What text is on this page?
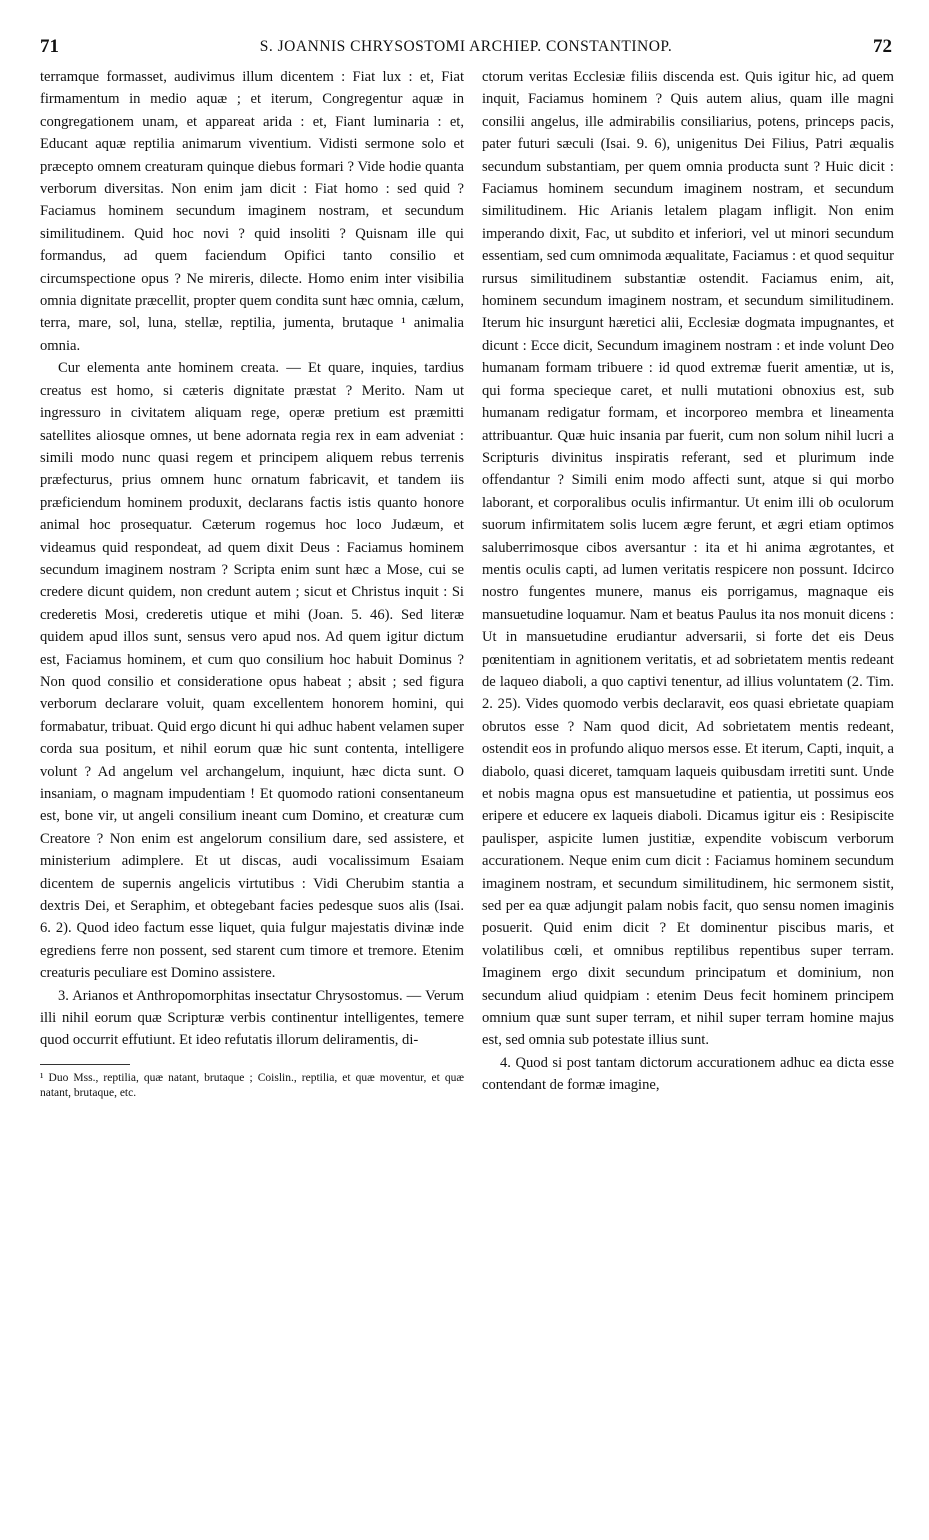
71	S. JOANNIS CHRYSOSTOMI ARCHIEP. CONSTANTINOP.	72

terramque formasset, audivimus illum dicentem : Fiat lux : et, Fiat firmamentum in medio aquæ ; et iterum, Congregentur aquæ in congregationem unam, et appareat arida : et, Fiant luminaria : et, Educant aquæ reptilia animarum viventium. Vidisti sermone solo et præcepto omnem creaturam quinque diebus formari ? Vide hodie quanta verborum diversitas. Non enim jam dicit : Fiat homo : sed quid ? Faciamus hominem secundum imaginem nostram, et secundum similitudinem. Quid hoc novi ? quid insoliti ? Quisnam ille qui formandus, ad quem faciendum Opifici tanto consilio et circumspectione opus ? Ne mireris, dilecte. Homo enim inter visibilia omnia dignitate præcellit, propter quem condita sunt hæc omnia, cælum, terra, mare, sol, luna, stellæ, reptilia, jumenta, brutaque ¹ animalia omnia.

Cur elementa ante hominem creata. — Et quare, inquies, tardius creatus est homo, si cæteris dignitate præstat ? Merito. Nam ut ingressuro in civitatem aliquam rege, operæ pretium est præmitti satellites aliosque omnes, ut bene adornata regia rex in eam adveniat : simili modo nunc quasi regem et principem aliquem rebus terrenis præfecturus, prius omnem hunc ornatum fabricavit, et tandem iis præficiendum hominem produxit, declarans factis istis quanto honore animal hoc prosequatur. Cæterum rogemus hoc loco Judæum, et videamus quid respondeat, ad quem dixit Deus : Faciamus hominem secundum imaginem nostram ? Scripta enim sunt hæc a Mose, cui se credere dicunt quidem, non credunt autem ; sicut et Christus inquit : Si crederetis Mosi, crederetis utique et mihi (Joan. 5. 46). Sed literæ quidem apud illos sunt, sensus vero apud nos. Ad quem igitur dictum est, Faciamus hominem, et cum quo consilium hoc habuit Dominus ? Non quod consilio et consideratione opus habeat ; absit ; sed figura verborum declarare voluit, quam excellentem honorem homini, qui formabatur, tribuat. Quid ergo dicunt hi qui adhuc habent velamen super corda sua positum, et nihil eorum quæ hic sunt contenta, intelligere volunt ? Ad angelum vel archangelum, inquiunt, hæc dicta sunt. O insaniam, o magnam impudentiam ! Et quomodo rationi consentaneum est, bone vir, ut angeli consilium ineant cum Domino, et creaturæ cum Creatore ? Non enim est angelorum consilium dare, sed assistere, et ministerium adimplere. Et ut discas, audi vocalissimum Esaiam dicentem de supernis angelicis virtutibus : Vidi Cherubim stantia a dextris Dei, et Seraphim, et obtegebant facies pedesque suos alis (Isai. 6. 2). Quod ideo factum esse liquet, quia fulgur majestatis divinæ inde egrediens ferre non possent, sed starent cum timore et tremore. Etenim creaturis peculiare est Domino assistere.

3. Arianos et Anthropomorphitas insectatur Chrysostomus. — Verum illi nihil eorum quæ Scripturæ verbis continentur intelligentes, temere quod occurrit effutiunt. Et ideo refutatis illorum deliramentis, di-

¹ Duo Mss., reptilia, quæ natant, brutaque ; Coislin., reptilia, et quæ moventur, et quæ natant, brutaque, etc.

ctorum veritas Ecclesiæ filiis discenda est. Quis igitur hic, ad quem inquit, Faciamus hominem ? Quis autem alius, quam ille magni consilii angelus, ille admirabilis consiliarius, potens, princeps pacis, pater futuri sæculi (Isai. 9. 6), unigenitus Dei Filius, Patri æqualis secundum substantiam, per quem omnia producta sunt ? Huic dicit : Faciamus hominem secundum imaginem nostram, et secundum similitudinem. Hic Arianis letalem plagam infligit. Non enim imperando dixit, Fac, ut subdito et inferiori, vel ut minori secundum essentiam, sed cum omnimoda æqualitate, Faciamus : et quod sequitur rursus similitudinem substantiæ ostendit. Faciamus enim, ait, hominem secundum imaginem nostram, et secundum similitudinem. Iterum hic insurgunt hæretici alii, Ecclesiæ dogmata impugnantes, et dicunt : Ecce dicit, Secundum imaginem nostram : et inde volunt Deo humanam formam tribuere : id quod extremæ fuerit amentiæ, ut is, qui forma specieque caret, et nulli mutationi obnoxius est, sub humanam redigatur formam, et incorporeo membra et lineamenta attribuantur. Quæ huic insania par fuerit, cum non solum nihil lucri a Scripturis divinitus inspiratis referant, sed et plurimum inde offendantur ? Simili enim modo affecti sunt, atque si qui morbo laborant, et corporalibus oculis infirmantur. Ut enim illi ob oculorum suorum infirmitatem solis lucem ægre ferunt, et ægri etiam optimos saluberrimosque cibos aversantur : ita et hi anima ægrotantes, et mentis oculis capti, ad lumen veritatis respicere non possunt. Idcirco nostro fungentes munere, manus eis porrigamus, magnaque eis mansuetudine loquamur. Nam et beatus Paulus ita nos monuit dicens : Ut in mansuetudine erudiantur adversarii, si forte det eis Deus pœnitentiam in agnitionem veritatis, et ad sobrietatem mentis redeant de laqueo diaboli, a quo captivi tenentur, ad illius voluntatem (2. Tim. 2. 25). Vides quomodo verbis declaravit, eos quasi ebrietate quapiam obrutos esse ? Nam quod dicit, Ad sobrietatem mentis redeant, ostendit eos in profundo aliquo mersos esse. Et iterum, Capti, inquit, a diabolo, quasi diceret, tamquam laqueis quibusdam irretiti sunt. Unde et nobis magna opus est mansuetudine et patientia, ut possimus eos eripere et educere ex laqueis diaboli. Dicamus igitur eis : Resipiscite paulisper, aspicite lumen justitiæ, expendite vobiscum verborum accurationem. Neque enim cum dicit : Faciamus hominem secundum imaginem nostram, et secundum similitudinem, hic sermonem sistit, sed per ea quæ adjungit palam nobis facit, quo sensu nomen imaginis posuerit. Quid enim dicit ? Et dominentur piscibus maris, et volatilibus cœli, et omnibus reptilibus repentibus super terram. Imaginem ergo dixit secundum principatum et dominium, non secundum aliud quidpiam : etenim Deus fecit hominem principem omnium quæ sunt super terram, et nihil super terram homine majus est, sed omnia sub potestate illius sunt.

4. Quod si post tantam dictorum accurationem adhuc ea dicta esse contendant de formæ imagine,
